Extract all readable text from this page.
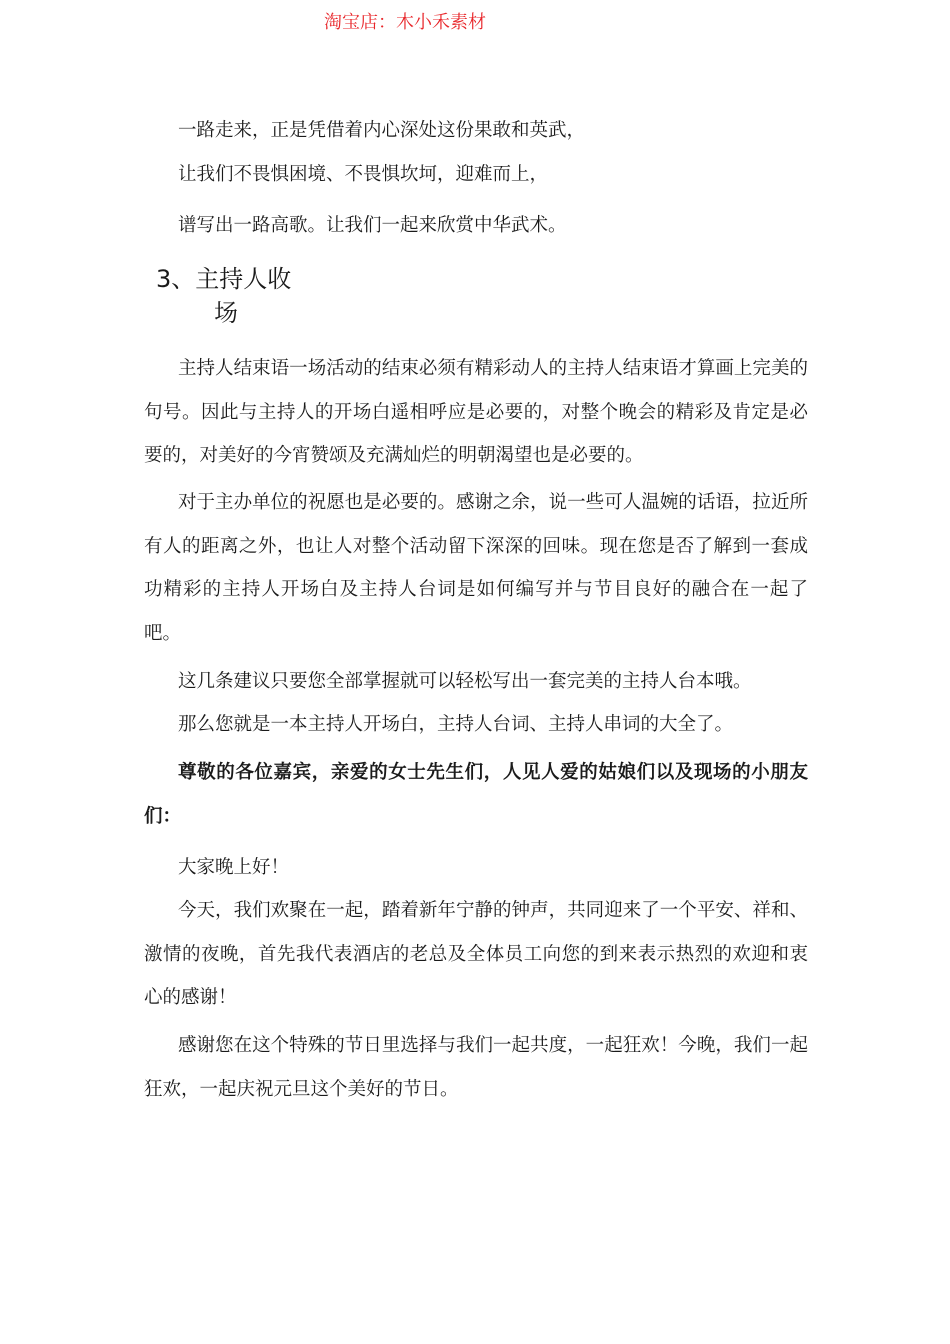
淘宝店：木小禾素材
一路走来，正是凭借着内心深处这份果敢和英武，
让我们不畏惧困境、不畏惧坎坷，迎难而上，
谱写出一路高歌。让我们一起来欣赏中华武术。
3、主持人收
场
主持人结束语一场活动的结束必须有精彩动人的主持人结束语才算画上完美的句号。因此与主持人的开场白遥相呼应是必要的，对整个晚会的精彩及肯定是必要的，对美好的今宵赞颂及充满灿烂的明朝渴望也是必要的。
对于主办单位的祝愿也是必要的。感谢之余，说一些可人温婉的话语，拉近所有人的距离之外，也让人对整个活动留下深深的回味。现在您是否了解到一套成功精彩的主持人开场白及主持人台词是如何编写并与节目良好的融合在一起了吧。
这几条建议只要您全部掌握就可以轻松写出一套完美的主持人台本哦。
那么您就是一本主持人开场白，主持人台词、主持人串词的大全了。
尊敬的各位嘉宾，亲爱的女士先生们，人见人爱的姑娘们以及现场的小朋友们：
大家晚上好！
今天，我们欢聚在一起，踏着新年宁静的钟声，共同迎来了一个平安、祥和、激情的夜晚，首先我代表酒店的老总及全体员工向您的到来表示热烈的欢迎和衷心的感谢！
感谢您在这个特殊的节日里选择与我们一起共度，一起狂欢！今晚，我们一起狂欢，一起庆祝元旦这个美好的节日。
